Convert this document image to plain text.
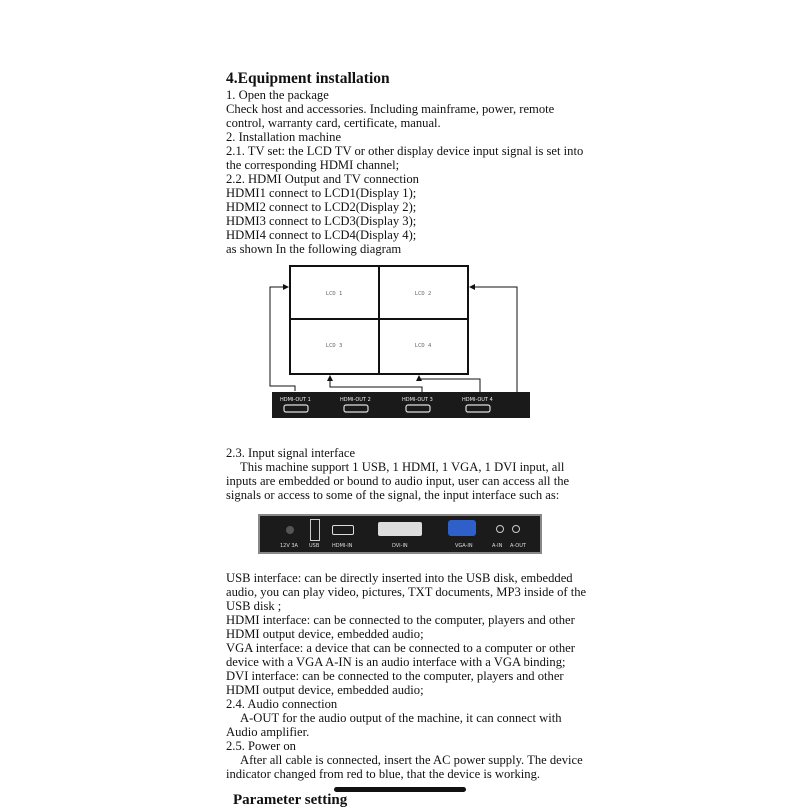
4.Equipment installation
1. Open the package
Check host and accessories. Including mainframe, power, remote
control, warranty card, certificate, manual.
2. Installation machine
2.1. TV set: the LCD TV or other display device input signal is set into
the corresponding HDMI channel;
2.2. HDMI Output and TV connection
HDMI1 connect to LCD1(Display 1);
HDMI2 connect to LCD2(Display 2);
HDMI3 connect to LCD3(Display 3);
HDMI4 connect to LCD4(Display 4);
as shown In the following diagram
LCD 1	LCD 2
LCD 3	LCD 4
HDMI-OUT 1	HDMI-OUT 2	HDMI-OUT 3	HDMI-OUT 4
2.3. Input signal interface
This machine support 1 USB, 1 HDMI, 1 VGA, 1 DVI input, all
inputs are embedded or bound to audio input, user can access all the
signals or access to some of the signal, the input interface such as:
12V 3A USB	HDMI-IN	DVI-IN	VGA-IN	A-IN A-OUT
USB interface: can be directly inserted into the USB disk, embedded
audio, you can play video, pictures, TXT documents, MP3 inside of the
USB disk ;
HDMI interface: can be connected to the computer, players and other
HDMI output device, embedded audio;
VGA interface: a device that can be connected to a computer or other
device with a VGA A-IN is an audio interface with a VGA binding;
DVI interface: can be connected to the computer, players and other
HDMI output device, embedded audio;
2.4. Audio connection
A-OUT for the audio output of the machine, it can connect with
Audio amplifier.
2.5. Power on
After all cable is connected, insert the AC power supply. The device
indicator changed from red to blue, that the device is working.
Parameter setting
